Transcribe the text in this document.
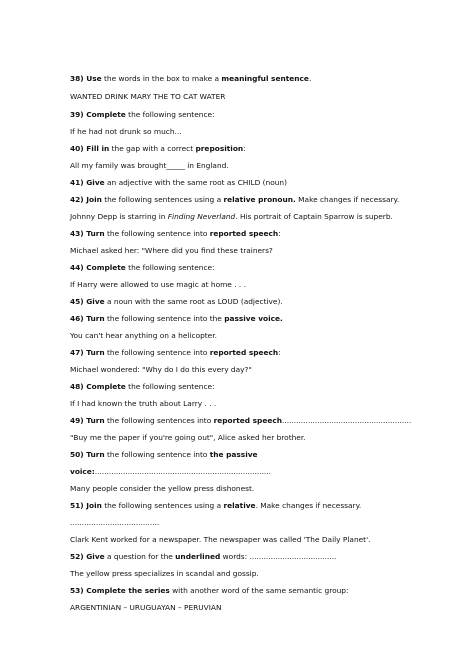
38) Use the words in the box to make a meaningful sentence.
WANTED DRINK MARY THE TO CAT WATER
39) Complete the following sentence:
If he had not drunk so much...
40) Fill in the gap with a correct preposition:
All my family was brought_____ in England.
41) Give an adjective with the same root as CHILD (noun)
42) Join the following sentences using a relative pronoun. Make changes if necessary.
Johnny Depp is starring in Finding Neverland. His portrait of Captain Sparrow is superb.
43) Turn the following sentence into reported speech:
Michael asked her: "Where did you find these trainers?
44) Complete the following sentence:
If Harry were allowed to use magic at home . . .
45) Give a noun with the same root as LOUD (adjective).
46) Turn the following sentence into the passive voice.
You can't hear anything on a helicopter.
47) Turn the following sentence into reported speech:
Michael wondered: "Why do I do this every day?"
48) Complete the following sentence:
If I had known the truth about Larry . . .
49) Turn the following sentences into reported speech.......................................................
"Buy me the paper if you're going out", Alice asked her brother.
50) Turn the following sentence into the passive
voice:...........................................................................
Many people consider the yellow press dishonest.
51) Join the following sentences using a relative. Make changes if necessary.
......................................
Clark Kent worked for a newspaper. The newspaper was called 'The Daily Planet'.
52) Give a question for the underlined words: .....................................
The yellow press specializes in scandal and gossip.
53) Complete the series with another word of the same semantic group:
ARGENTINIAN – URUGUAYAN – PERUVIAN
